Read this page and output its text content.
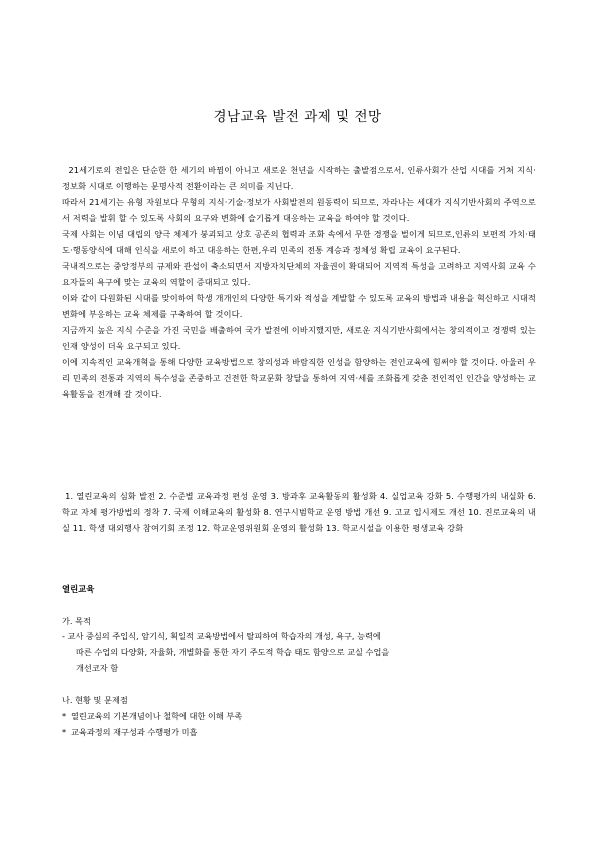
경남교육 발전 과제 및 전망

21세기로의 전입은 단순한 한 세기의 바뀜이 아니고 새로운 천년을 시작하는 출발점으로서, 인류사회가 산업 시대를 거쳐 지식·정보화 시대로 이행하는 문명사적 전환이라는 큰 의미를 지닌다.

따라서 21세기는 유형 자원보다 무형의 지식·기술·정보가 사회발전의 원동력이 되므로, 자라나는 세대가 지식기반사회의 주역으로서 저력을 발휘 할 수 있도록 사회의 요구와 변화에 슬기롭게 대응하는 교육을 하여야 할 것이다.

국제 사회는 이념 대립의 양극 체제가 붕괴되고 상호 공존의 협력과 조화 속에서 무한 경쟁을 벌이게 되므로,인류의 보편적 가치·태도·행동양식에 대해 인식을 새로이 하고 대응하는 한편,우리 민족의 전통 계승과 정체성 확립 교육이 요구된다.

국내적으로는 중앙정부의 규제와 관섭이 축소되면서 지방자치단체의 자율권이 확대되어 지역적 특성을 고려하고 지역사회 교육 수요자들의 욕구에 맞는 교육의 역할이 증대되고 있다.

이와 같이 다원화된 시대를 맞이하여 학생 개개인의 다양한 특기와 적성을 계발할 수 있도록 교육의 방법과 내용을 혁신하고 시대적 변화에 부응하는 교육 체제를 구축하여 할 것이다.

지금까지 높은 지식 수준을 가진 국민을 배출하여 국가 발전에 이바지했지만, 새로운 지식기반사회에서는 창의적이고 경쟁력 있는 인재 양성이 더욱 요구되고 있다.

이에 지속적인 교육개혁을 통해 다양한 교육방법으로 창의성과 바람직한 인성을 함양하는 전인교육에 힘써야 할 것이다. 아울러 우리 민족의 전통과 지역의 특수성을 존중하고 건전한 학교문화 창달을 통하여 지역·세를 조화롭게 갖춘 전인적인 인간을 양성하는 교육활동을 전개해 갈 것이다.

1. 열린교육의 심화 발전 2. 수준별 교육과정 편성 운영 3. 방과후 교육활동의 활성화 4. 실업교육 강화 5. 수행평가의 내실화 6. 학교 자체 평가방법의 정착 7. 국제 이해교육의 활성화 8. 연구시범학교 운영 방법 개선 9. 고교 입시제도 개선 10. 진로교육의 내실 11. 학생 대외행사 참여기회 조정 12. 학교운영위원회 운영의 활성화 13. 학교시설을 이용한 평생교육 강화

열린교육
가. 목적
- 교사 중심의 주입식, 암기식, 획일적 교육방법에서 탈피하여 학습자의 개성, 욕구, 능력에
따른 수업의 다양화, 자율화, 개별화를 통한 자기 주도적 학습 태도 함양으로 교실 수업을
개선코자 함
나. 현황 및 문제점
* 열린교육의 기본개념이나 철학에 대한 이해 부족
* 교육과정의 재구성과 수행평가 미흡
